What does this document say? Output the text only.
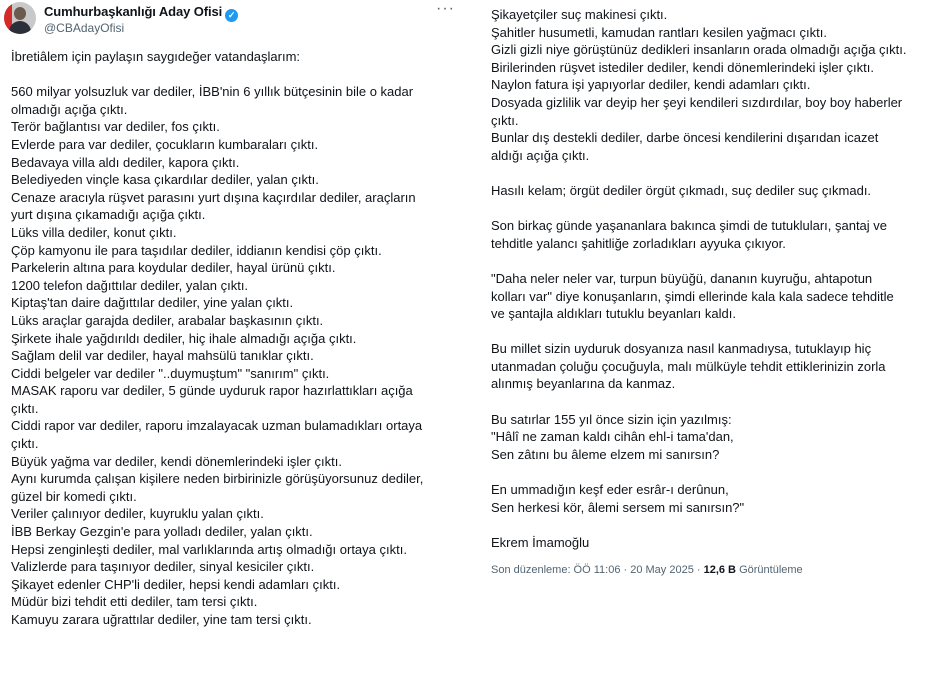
Cumhurbaşkanlığı Aday Ofisi ✓
@CBAdayOfisi
···
İbretiâlem için paylaşın saygıdeğer vatandaşlarım:
560 milyar yolsuzluk var dediler, İBB'nin 6 yıllık bütçesinin bile o kadar
olmadığı açığa çıktı.
Terör bağlantısı var dediler, fos çıktı.
Evlerde para var dediler, çocukların kumbaraları çıktı.
Bedavaya villa aldı dediler, kapora çıktı.
Belediyeden vinçle kasa çıkardılar dediler, yalan çıktı.
Cenaze aracıyla rüşvet parasını yurt dışına kaçırdılar dediler, araçların
yurt dışına çıkamadığı açığa çıktı.
Lüks villa dediler, konut çıktı.
Çöp kamyonu ile para taşıdılar dediler, iddianın kendisi çöp çıktı.
Parkelerin altına para koydular dediler, hayal ürünü çıktı.
1200 telefon dağıttılar dediler, yalan çıktı.
Kiptaş'tan daire dağıttılar dediler, yine yalan çıktı.
Lüks araçlar garajda dediler, arabalar başkasının çıktı.
Şirkete ihale yağdırıldı dediler, hiç ihale almadığı açığa çıktı.
Sağlam delil var dediler, hayal mahsülü tanıklar çıktı.
Ciddi belgeler var dediler "..duymuştum" "sanırım" çıktı.
MASAK raporu var dediler, 5 günde uyduruk rapor hazırlattıkları açığa
çıktı.
Ciddi rapor var dediler, raporu imzalayacak uzman bulamadıkları ortaya
çıktı.
Büyük yağma var dediler, kendi dönemlerindeki işler çıktı.
Aynı kurumda çalışan kişilere neden birbirinizle görüşüyorsunuz dediler,
güzel bir komedi çıktı.
Veriler çalınıyor dediler, kuyruklu yalan çıktı.
İBB Berkay Gezgin'e para yolladı dediler, yalan çıktı.
Hepsi zenginleşti dediler, mal varlıklarında artış olmadığı ortaya çıktı.
Valizlerde para taşınıyor dediler, sinyal kesiciler çıktı.
Şikayet edenler CHP'li dediler, hepsi kendi adamları çıktı.
Müdür bizi tehdit etti dediler, tam tersi çıktı.
Kamuyu zarara uğrattılar dediler, yine tam tersi çıktı.
Şikayetçiler suç makinesi çıktı.
Şahitler husumetli, kamudan rantları kesilen yağmacı çıktı.
Gizli gizli niye görüştünüz dedikleri insanların orada olmadığı açığa çıktı.
Birilerinden rüşvet istediler dediler, kendi dönemlerindeki işler çıktı.
Naylon fatura işi yapıyorlar dediler, kendi adamları çıktı.
Dosyada gizlilik var deyip her şeyi kendileri sızdırdılar, boy boy haberler
çıktı.
Bunlar dış destekli dediler, darbe öncesi kendilerini dışarıdan icazet
aldığı açığa çıktı.
Hasılı kelam; örgüt dediler örgüt çıkmadı, suç dediler suç çıkmadı.
Son birkaç günde yaşananlara bakınca şimdi de tutukluları, şantaj ve
tehditle yalancı şahitliğe zorladıkları ayyuka çıkıyor.
"Daha neler neler var, turpun büyüğü, dananın kuyruğu, ahtapotun
kolları var" diye konuşanların, şimdi ellerinde kala kala sadece tehditle
ve şantajla aldıkları tutuklu beyanları kaldı.
Bu millet sizin uyduruk dosyanıza nasıl kanmadıysa, tutuklayıp hiç
utanmadan çoluğu çocuğuyla, malı mülküyle tehdit ettiklerinizin zorla
alınmış beyanlarına da kanmaz.
Bu satırlar 155 yıl önce sizin için yazılmış:
"Hâlî ne zaman kaldı cihân ehl-i tama'dan,
Sen zâtını bu âleme elzem mi sanırsın?
En ummadığın keşf eder esrâr-ı derûnun,
Sen herkesi kör, âlemi sersem mi sanırsın?"
Ekrem İmamoğlu
Son düzenleme: ÖÖ 11:06 · 20 May 2025 · 12,6 B Görüntüleme
